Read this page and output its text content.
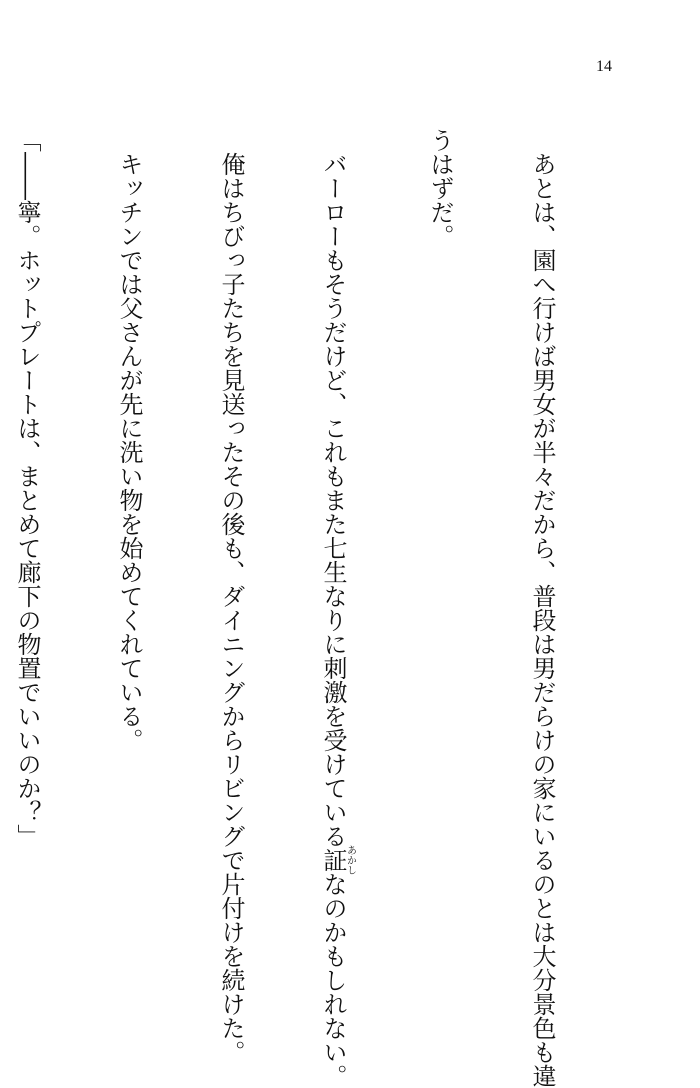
14

　あとは、園へ行けば男女が半々だから、普段は男だらけの家にいるのとは大分景色も違

うはずだ。

　バーローもそうだけど、これもまた七生なりに刺激を受けている証あかしなのかもしれない。

　俺はちびっ子たちを見送ったその後も、ダイニングからリビングで片付けを続けた。

　キッチンでは父さんが先に洗い物を始めてくれている。

「――寧。ホットプレートは、まとめて廊下の物置でいいのか？」
